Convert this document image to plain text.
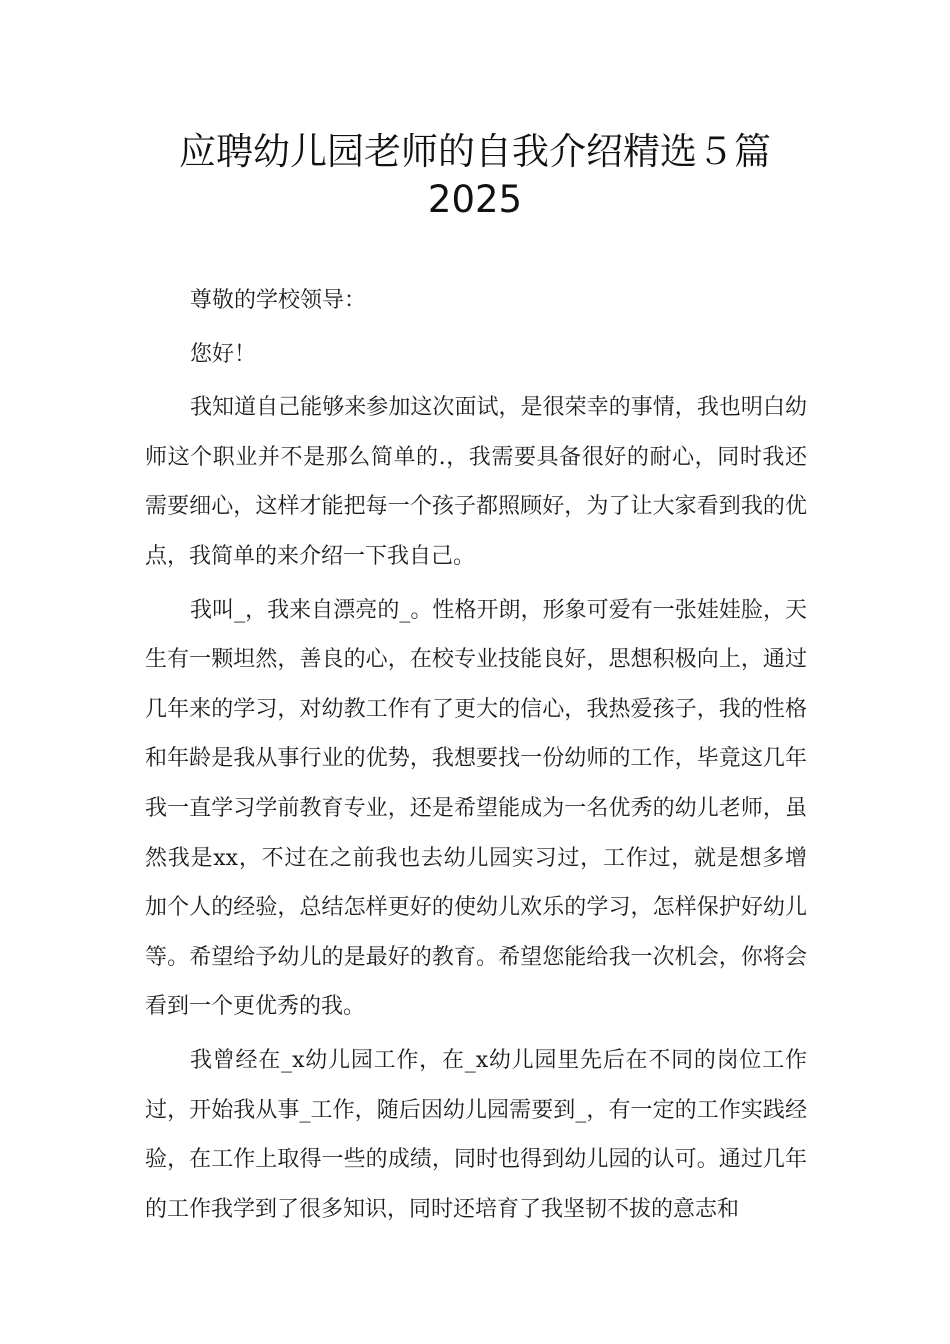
应聘幼儿园老师的自我介绍精选５篇
2025

尊敬的学校领导：

您好！

我知道自己能够来参加这次面试，是很荣幸的事情，我也明白幼师这个职业并不是那么简单的.，我需要具备很好的耐心，同时我还需要细心，这样才能把每一个孩子都照顾好，为了让大家看到我的优点，我简单的来介绍一下我自己。

我叫_，我来自漂亮的_。性格开朗，形象可爱有一张娃娃脸，天生有一颗坦然，善良的心，在校专业技能良好，思想积极向上，通过几年来的学习，对幼教工作有了更大的信心，我热爱孩子，我的性格和年龄是我从事行业的优势，我想要找一份幼师的工作，毕竟这几年我一直学习学前教育专业，还是希望能成为一名优秀的幼儿老师，虽然我是xx，不过在之前我也去幼儿园实习过，工作过，就是想多增加个人的经验，总结怎样更好的使幼儿欢乐的学习，怎样保护好幼儿等。希望给予幼儿的是最好的教育。希望您能给我一次机会，你将会看到一个更优秀的我。

我曾经在_x幼儿园工作，在_x幼儿园里先后在不同的岗位工作过，开始我从事_工作，随后因幼儿园需要到_，有一定的工作实践经验，在工作上取得一些的成绩，同时也得到幼儿园的认可。通过几年的工作我学到了很多知识，同时还培育了我坚韧不拔的意志和
